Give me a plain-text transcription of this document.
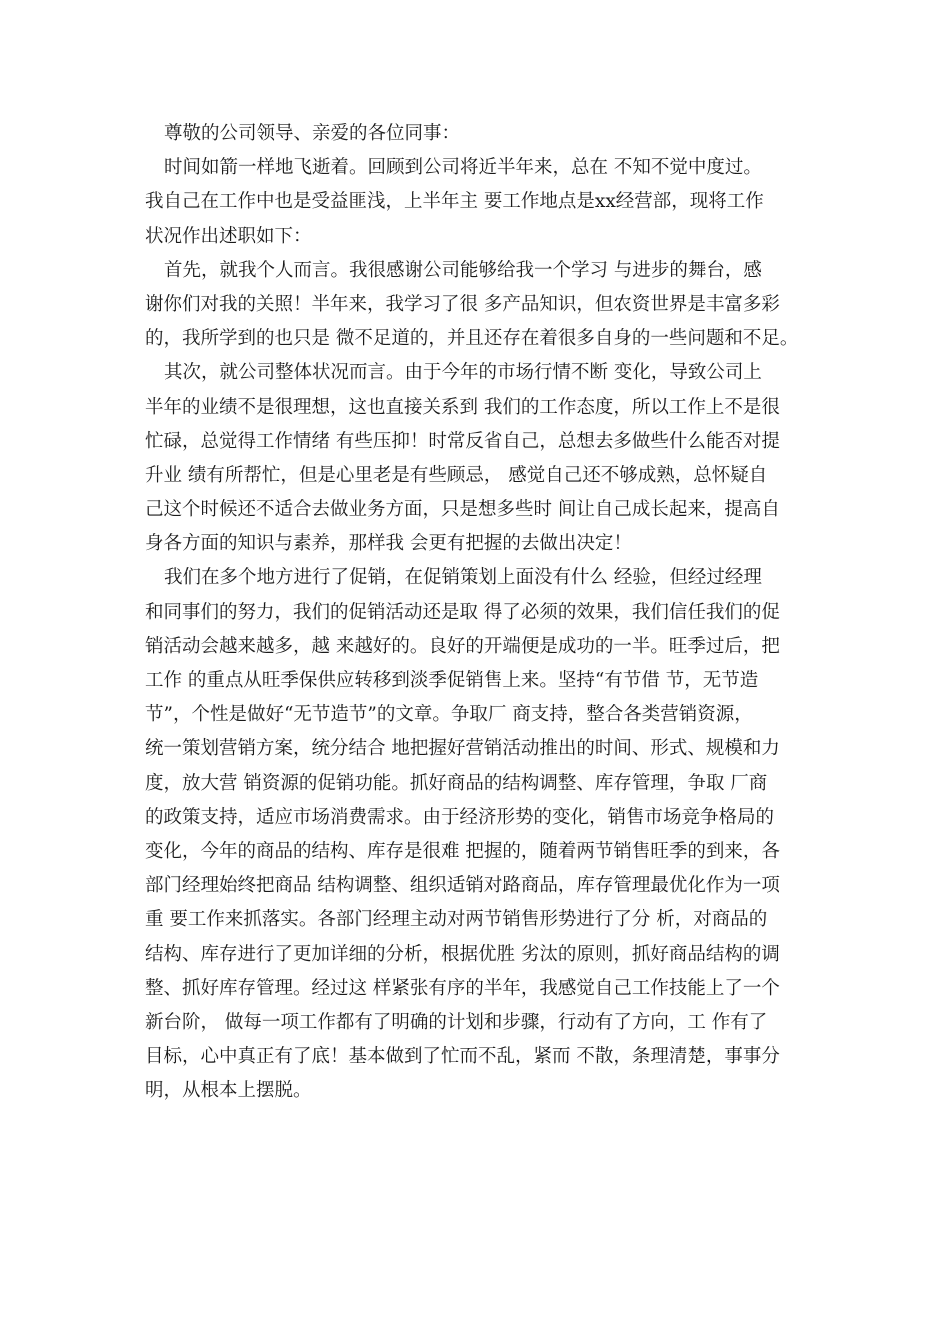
尊敬的公司领导、亲爱的各位同事：
时间如箭一样地飞逝着。回顾到公司将近半年来，总在 不知不觉中度过。
我自己在工作中也是受益匪浅，上半年主 要工作地点是xx经营部，现将工作
状况作出述职如下：
首先，就我个人而言。我很感谢公司能够给我一个学习 与进步的舞台，感
谢你们对我的关照！半年来，我学习了很 多产品知识，但农资世界是丰富多彩
的，我所学到的也只是 微不足道的，并且还存在着很多自身的一些问题和不足。
其次，就公司整体状况而言。由于今年的市场行情不断 变化，导致公司上
半年的业绩不是很理想，这也直接关系到 我们的工作态度，所以工作上不是很
忙碌，总觉得工作情绪 有些压抑！时常反省自己，总想去多做些什么能否对提
升业 绩有所帮忙，但是心里老是有些顾忌， 感觉自己还不够成熟，总怀疑自
己这个时候还不适合去做业务方面，只是想多些时 间让自己成长起来，提高自
身各方面的知识与素养，那样我 会更有把握的去做出决定！
我们在多个地方进行了促销，在促销策划上面没有什么 经验，但经过经理
和同事们的努力，我们的促销活动还是取 得了必须的效果，我们信任我们的促
销活动会越来越多，越 来越好的。良好的开端便是成功的一半。旺季过后，把
工作 的重点从旺季保供应转移到淡季促销售上来。坚持“有节借 节，无节造
节”，个性是做好“无节造节”的文章。争取厂 商支持，整合各类营销资源，
统一策划营销方案，统分结合 地把握好营销活动推出的时间、形式、规模和力
度，放大营 销资源的促销功能。抓好商品的结构调整、库存管理，争取 厂商
的政策支持，适应市场消费需求。由于经济形势的变化，销售市场竞争格局的
变化，今年的商品的结构、库存是很难 把握的，随着两节销售旺季的到来，各
部门经理始终把商品 结构调整、组织适销对路商品，库存管理最优化作为一项
重 要工作来抓落实。各部门经理主动对两节销售形势进行了分 析，对商品的
结构、库存进行了更加详细的分析，根据优胜 劣汰的原则，抓好商品结构的调
整、抓好库存管理。经过这 样紧张有序的半年，我感觉自己工作技能上了一个
新台阶， 做每一项工作都有了明确的计划和步骤，行动有了方向，工 作有了
目标，心中真正有了底！基本做到了忙而不乱，紧而 不散，条理清楚，事事分
明，从根本上摆脱。
